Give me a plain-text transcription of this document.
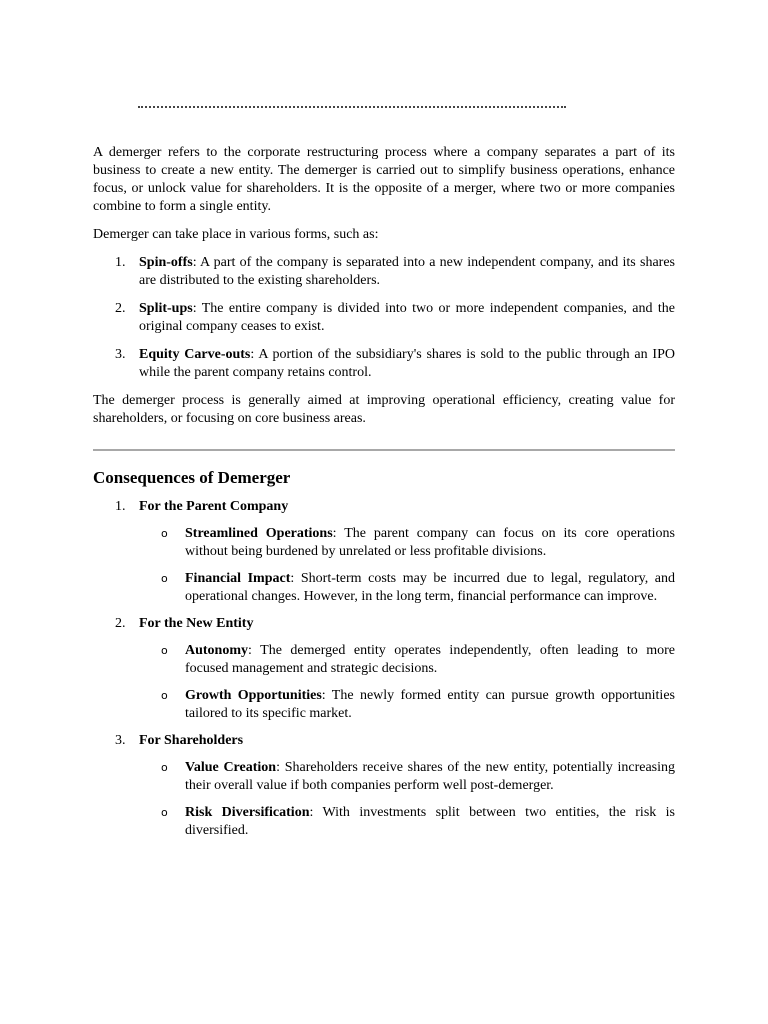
A demerger refers to the corporate restructuring process where a company separates a part of its business to create a new entity. The demerger is carried out to simplify business operations, enhance focus, or unlock value for shareholders. It is the opposite of a merger, where two or more companies combine to form a single entity.

Demerger can take place in various forms, such as:

1. Spin-offs: A part of the company is separated into a new independent company, and its shares are distributed to the existing shareholders.
2. Split-ups: The entire company is divided into two or more independent companies, and the original company ceases to exist.
3. Equity Carve-outs: A portion of the subsidiary's shares is sold to the public through an IPO while the parent company retains control.

The demerger process is generally aimed at improving operational efficiency, creating value for shareholders, or focusing on core business areas.

Consequences of Demerger
1. For the Parent Company
o Streamlined Operations: The parent company can focus on its core operations without being burdened by unrelated or less profitable divisions.
o Financial Impact: Short-term costs may be incurred due to legal, regulatory, and operational changes. However, in the long term, financial performance can improve.
2. For the New Entity
o Autonomy: The demerged entity operates independently, often leading to more focused management and strategic decisions.
o Growth Opportunities: The newly formed entity can pursue growth opportunities tailored to its specific market.
3. For Shareholders
o Value Creation: Shareholders receive shares of the new entity, potentially increasing their overall value if both companies perform well post-demerger.
o Risk Diversification: With investments split between two entities, the risk is diversified.
